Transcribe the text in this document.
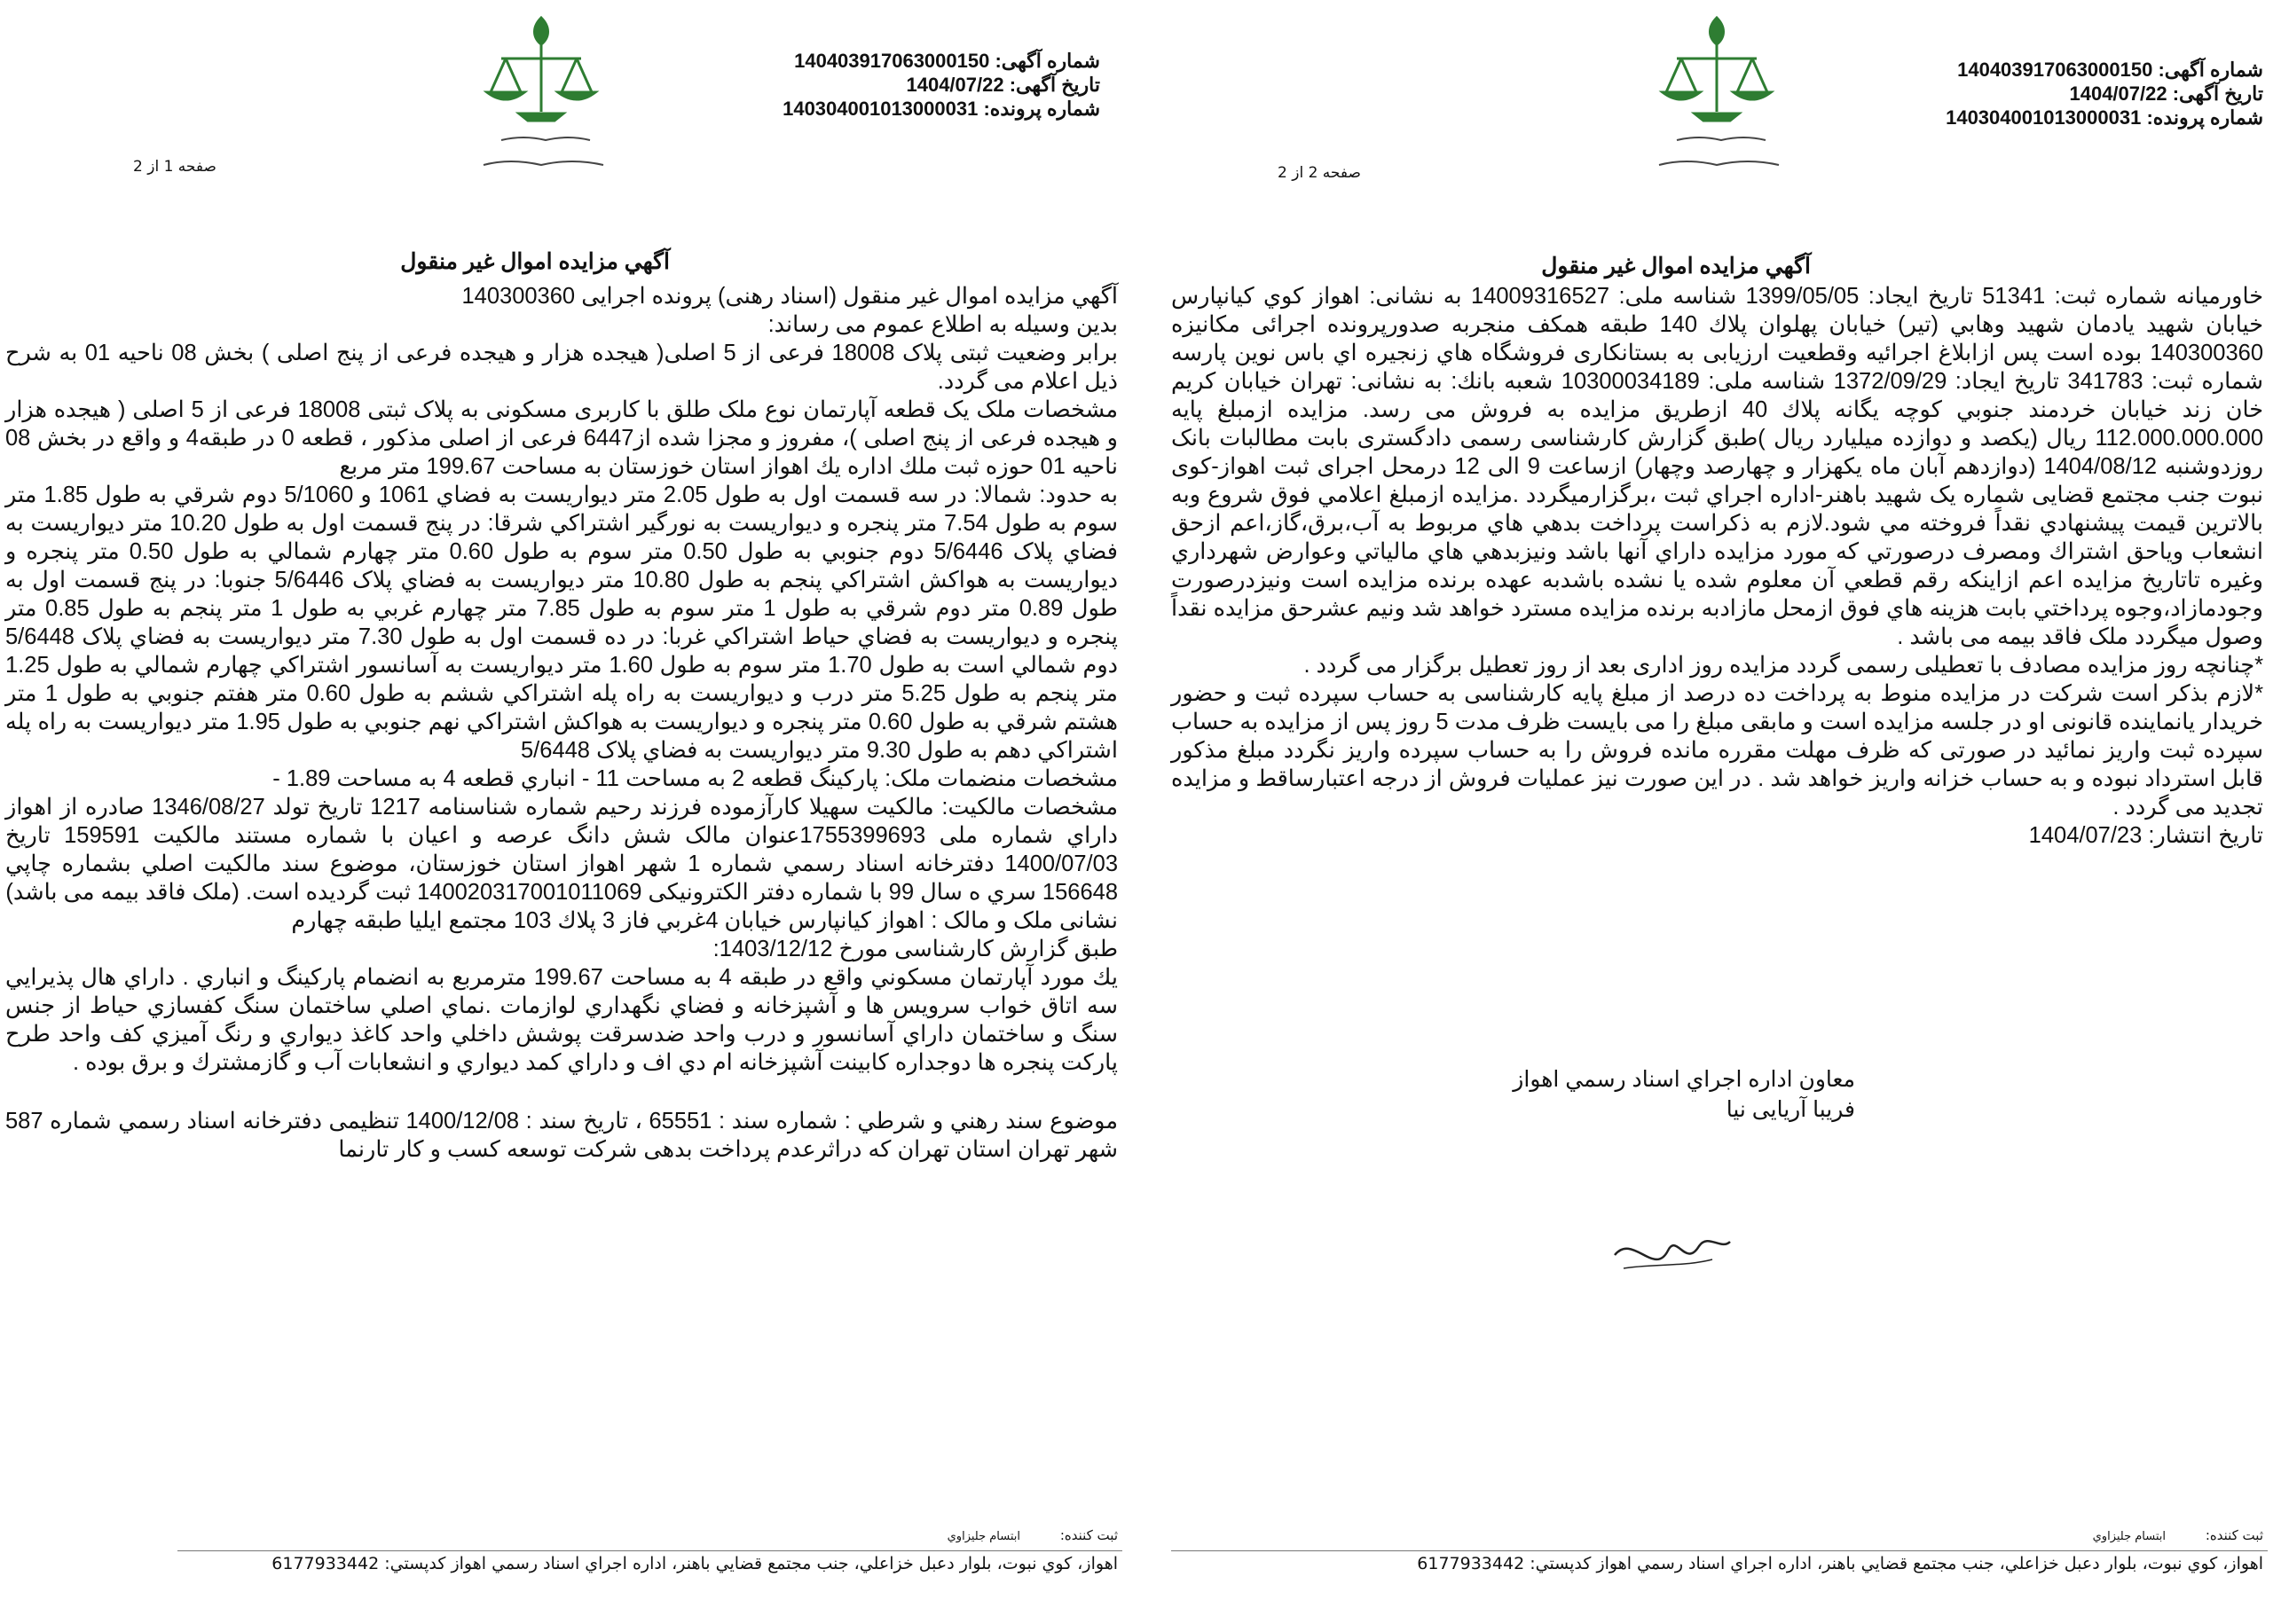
شماره آگهی: 140403917063000150
تاریخ آگهی: 1404/07/22
شماره پرونده: 140304001013000031
صفحه 1 از 2
آگهي مزايده اموال غير منقول

آگهي مزايده اموال غير منقول (اسناد رهنی) پرونده اجرايی 140300360

بدين وسيله به اطلاع عموم می رساند:

برابر وضعيت ثبتی پلاک 18008 فرعی از 5 اصلی( هيجده هزار و هيجده فرعی از پنج اصلی ) بخش 08 ناحيه 01 به شرح ذيل اعلام می گردد.

مشخصات ملک يک قطعه آپارتمان نوع ملک طلق با کاربری مسکونی به پلاک ثبتی 18008 فرعی از 5 اصلی ( هيجده هزار و هيجده فرعی از پنج اصلی )، مفروز و مجزا شده از6447 فرعی از اصلی مذکور ، قطعه 0 در طبقه4 و واقع در بخش 08 ناحيه 01 حوزه ثبت ملك اداره يك اهواز استان خوزستان به مساحت 199.67 متر مربع

به حدود: شمالا: در سه قسمت اول به طول 2.05 متر ديواريست به فضاي 1061 و 5/1060 دوم شرقي به طول 1.85 متر سوم به طول 7.54 متر پنجره و ديواريست به نورگير اشتراكي شرقا: در پنج قسمت اول به طول 10.20 متر ديواريست به فضاي پلاک 5/6446 دوم جنوبي به طول 0.50 متر سوم به طول 0.60 متر چهارم شمالي به طول 0.50 متر پنجره و ديواريست به هواكش اشتراكي پنجم به طول 10.80 متر ديواريست به فضاي پلاک 5/6446 جنوبا: در پنج قسمت اول به طول 0.89 متر دوم شرقي به طول 1 متر سوم به طول 7.85 متر چهارم غربي به طول 1 متر پنجم به طول 0.85 متر پنجره و ديواريست به فضاي حياط اشتراكي غربا: در ده قسمت اول به طول 7.30 متر ديواريست به فضاي پلاک 5/6448 دوم شمالي است به طول 1.70 متر سوم به طول 1.60 متر ديواريست به آسانسور اشتراكي چهارم شمالي به طول 1.25 متر پنجم به طول 5.25 متر درب و ديواريست به راه پله اشتراكي ششم به طول 0.60 متر هفتم جنوبي به طول 1 متر هشتم شرقي به طول 0.60 متر پنجره و ديواريست به هواكش اشتراكي نهم جنوبي به طول 1.95 متر ديواريست به راه پله اشتراكي دهم به طول 9.30 متر ديواريست به فضاي پلاک 5/6448

مشخصات منضمات ملک: پاركينگ قطعه 2 به مساحت 11 - انباري قطعه 4 به مساحت 1.89 -

مشخصات مالكيت: مالكيت سهيلا كارآزموده فرزند رحيم شماره شناسنامه 1217 تاريخ تولد 1346/08/27 صادره از اهواز داراي شماره ملی 1755399693عنوان مالک شش دانگ عرصه و اعيان با شماره مستند مالكيت 159591 تاريخ 1400/07/03 دفترخانه اسناد رسمي شماره 1 شهر اهواز استان خوزستان، موضوع سند مالكيت اصلي بشماره چاپي 156648 سري ه سال 99 با شماره دفتر الكترونيكی 140020317001011069 ثبت گرديده است. (ملک فاقد بيمه می باشد)

نشانی ملک و مالک : اهواز كيانپارس خيابان 4غربي فاز 3 پلاك 103 مجتمع ايليا طبقه چهارم

طبق گزارش كارشناسی مورخ 1403/12/12:

يك مورد آپارتمان مسكوني واقع در طبقه 4 به مساحت 199.67 مترمربع به انضمام پاركينگ و انباري . داراي هال پذيرايي سه اتاق خواب سرويس ها و آشپزخانه و فضاي نگهداري لوازمات .نماي اصلي ساختمان سنگ كفسازي حياط از جنس سنگ و ساختمان داراي آسانسور و درب واحد ضدسرقت پوشش داخلي واحد كاغذ ديواري و رنگ آميزي كف واحد طرح پاركت پنجره ها دوجداره كابينت آشپزخانه ام دي اف و داراي كمد ديواري و انشعابات آب و گازمشترك و برق بوده .

موضوع سند رهني و شرطي : شماره سند : 65551 ، تاريخ سند : 1400/12/08 تنظيمی دفترخانه اسناد رسمي شماره 587 شهر تهران استان تهران كه دراثرعدم پرداخت بدهی شركت توسعه كسب و كار تارنما

ثبت كننده: ابتسام جليزاوي
اهواز، كوي نبوت، بلوار دعبل خزاعلي، جنب مجتمع قضايي باهنر، اداره اجراي اسناد رسمي اهواز كدپستي: 6177933442
شماره آگهی: 140403917063000150
تاریخ آگهی: 1404/07/22
شماره پرونده: 140304001013000031
صفحه 2 از 2
آگهي مزايده اموال غير منقول

خاورميانه شماره ثبت: 51341 تاريخ ايجاد: 1399/05/05 شناسه ملی: 14009316527 به نشانی: اهواز كوي كيانپارس خيابان شهيد يادمان شهيد وهابي (تير) خيابان پهلوان پلاك 140 طبقه همكف منجربه صدورپرونده اجرائی مكانيزه 140300360 بوده است پس ازابلاغ اجرائيه وقطعيت ارزيابی به بستانكاری فروشگاه هاي زنجيره اي باس نوين پارسه شماره ثبت: 341783 تاريخ ايجاد: 1372/09/29 شناسه ملی: 10300034189 شعبه بانك: به نشانی: تهران خيابان كريم خان زند خيابان خردمند جنوبي كوچه يگانه پلاك 40 ازطريق مزايده به فروش می رسد. مزايده ازمبلغ پايه 112.000.000.000 ريال (يكصد و دوازده ميليارد ريال )طبق گزارش كارشناسی رسمی دادگستری بابت مطالبات بانک روزدوشنبه 1404/08/12 (دوازدهم آبان ماه يكهزار و چهارصد وچهار) ازساعت 9 الی 12 درمحل اجرای ثبت اهواز-كوی نبوت جنب مجتمع قضايی شماره يک شهيد باهنر-اداره اجراي ثبت ،برگزارميگردد .مزايده ازمبلغ اعلامي فوق شروع وبه بالاترين قيمت پيشنهادي نقداً فروخته مي شود.لازم به ذكراست پرداخت بدهي هاي مربوط به آب،برق،گاز،اعم ازحق انشعاب وياحق اشتراك ومصرف درصورتي كه مورد مزايده داراي آنها باشد ونيزبدهي هاي مالياتي وعوارض شهرداري وغيره تاتاريخ مزايده اعم ازاينكه رقم قطعي آن معلوم شده يا نشده باشدبه عهده برنده مزايده است ونيزدرصورت وجودمازاد،وجوه پرداختي بابت هزينه هاي فوق ازمحل مازادبه برنده مزايده مسترد خواهد شد ونيم عشرحق مزايده نقداً وصول ميگردد ملک فاقد بيمه می باشد .

*چنانچه روز مزايده مصادف با تعطيلی رسمی گردد مزايده روز اداری بعد از روز تعطيل برگزار می گردد .

*لازم بذكر است شركت در مزايده منوط به پرداخت ده درصد از مبلغ پايه كارشناسی به حساب سپرده ثبت و حضور خريدار يانماينده قانونی او در جلسه مزايده است و مابقی مبلغ را می بايست ظرف مدت 5 روز پس از مزايده به حساب سپرده ثبت واريز نمائيد در صورتی كه ظرف مهلت مقرره مانده فروش را به حساب سپرده واريز نگردد مبلغ مذكور قابل استرداد نبوده و به حساب خزانه واريز خواهد شد . در اين صورت نيز عمليات فروش از درجه اعتبارساقط و مزايده تجديد می گردد .

تاريخ انتشار: 1404/07/23

معاون اداره اجراي اسناد رسمي اهواز
فريبا آريايی نيا
ثبت كننده: ابتسام جليزاوي
اهواز، كوي نبوت، بلوار دعبل خزاعلي، جنب مجتمع قضايي باهنر، اداره اجراي اسناد رسمي اهواز كدپستي: 6177933442
